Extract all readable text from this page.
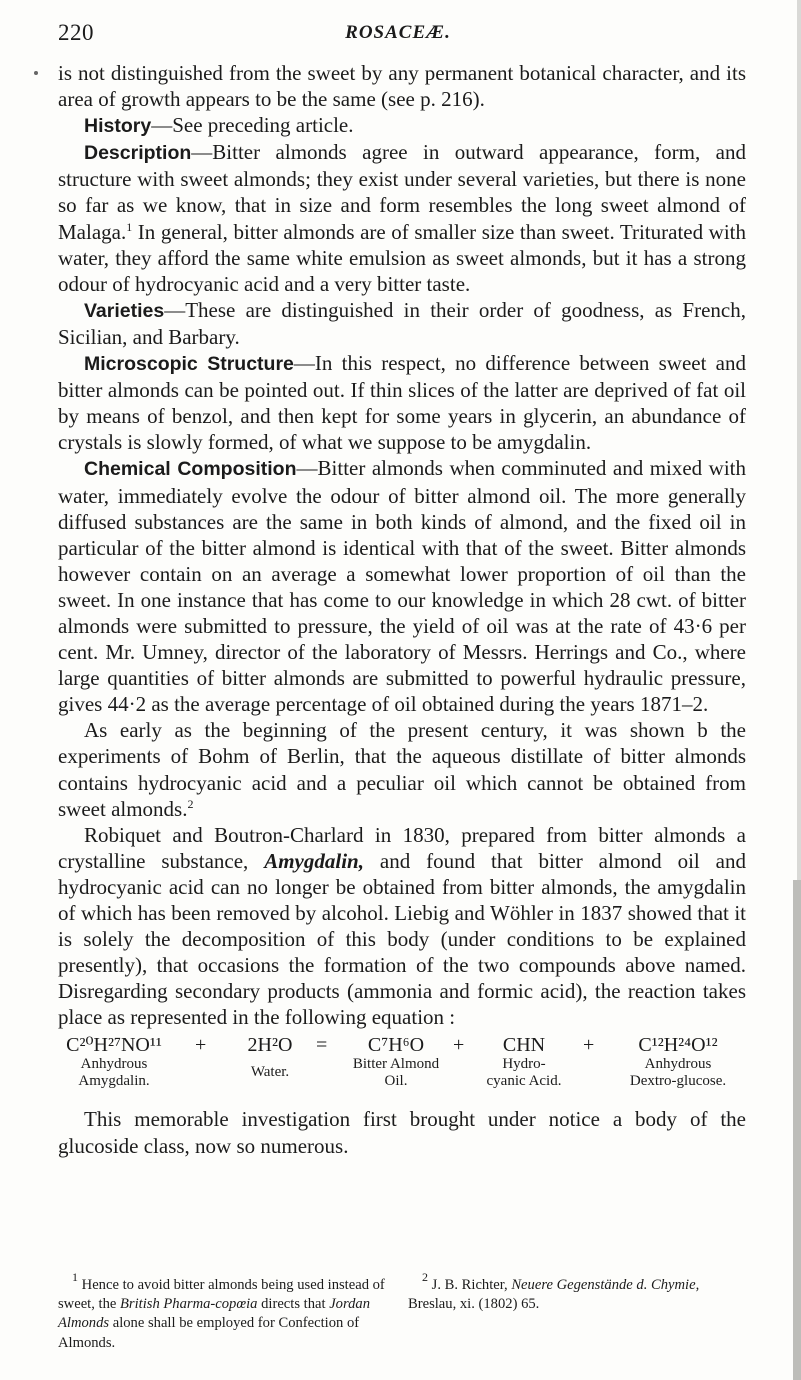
220	ROSACEÆ.

is not distinguished from the sweet by any permanent botanical character, and its area of growth appears to be the same (see p. 216).

History—See preceding article.

Description—Bitter almonds agree in outward appearance, form, and structure with sweet almonds; they exist under several varieties, but there is none so far as we know, that in size and form resembles the long sweet almond of Malaga.$^1$ In general, bitter almonds are of smaller size than sweet. Triturated with water, they afford the same white emulsion as sweet almonds, but it has a strong odour of hydrocyanic acid and a very bitter taste.

Varieties—These are distinguished in their order of goodness, as French, Sicilian, and Barbary.

Microscopic Structure—In this respect, no difference between sweet and bitter almonds can be pointed out. If thin slices of the latter are deprived of fat oil by means of benzol, and then kept for some years in glycerin, an abundance of crystals is slowly formed, of what we suppose to be amygdalin.

Chemical Composition—Bitter almonds when comminuted and mixed with water, immediately evolve the odour of bitter almond oil. The more generally diffused substances are the same in both kinds of almond, and the fixed oil in particular of the bitter almond is identical with that of the sweet. Bitter almonds however contain on an average a somewhat lower proportion of oil than the sweet. In one instance that has come to our knowledge in which 28 cwt. of bitter almonds were submitted to pressure, the yield of oil was at the rate of 43·6 per cent. Mr. Umney, director of the laboratory of Messrs. Herrings and Co., where large quantities of bitter almonds are submitted to powerful hydraulic pressure, gives 44·2 as the average percentage of oil obtained during the years 1871–2.

As early as the beginning of the present century, it was shown b the experiments of Bohm of Berlin, that the aqueous distillate of bitter almonds contains hydrocyanic acid and a peculiar oil which cannot be obtained from sweet almonds.$^2$

Robiquet and Boutron-Charlard in 1830, prepared from bitter almonds a crystalline substance, Amygdalin, and found that bitter almond oil and hydrocyanic acid can no longer be obtained from bitter almonds, the amygdalin of which has been removed by alcohol. Liebig and Wöhler in 1837 showed that it is solely the decomposition of this body (under conditions to be explained presently), that occasions the formation of the two compounds above named. Disregarding secondary products (ammonia and formic acid), the reaction takes place as represented in the following equation :

C²⁰H²⁷NO¹¹
Anhydrous
Amygdalin.
2H²O
Water.
C⁷H⁶O
Bitter Almond
Oil.
CHN
Hydro-
cyanic Acid.
C¹²H²⁴O¹²
Anhydrous
Dextro-glucose.
+	=	+	+

This memorable investigation first brought under notice a body of the glucoside class, now so numerous.

$^1$ Hence to avoid bitter almonds being used instead of sweet, the British Pharma-copœia directs that Jordan Almonds alone shall be employed for Confection of Almonds.

$^2$ J. B. Richter, Neuere Gegenstände d. Chymie, Breslau, xi. (1802) 65.
